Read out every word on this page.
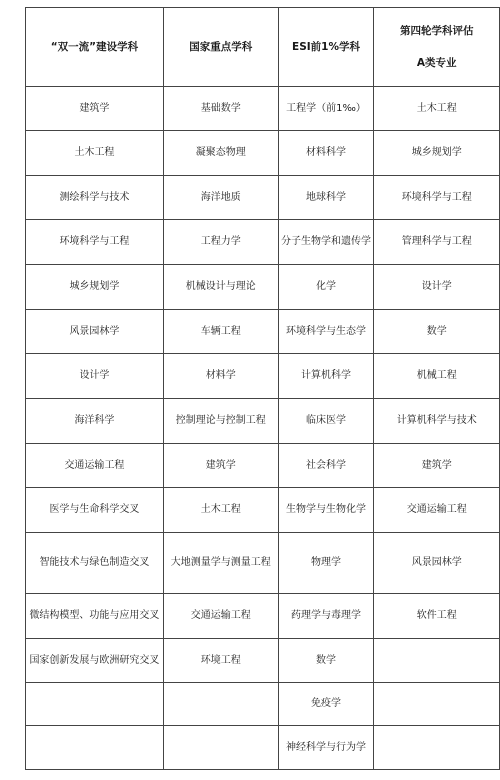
“双一流”建设学科	国家重点学科	ESI前1%学科	第四轮学科评估
A类专业

建筑学	基础数学	工程学（前1‰）	土木工程
土木工程	凝聚态物理	材料科学	城乡规划学
测绘科学与技术	海洋地质	地球科学	环境科学与工程
环境科学与工程	工程力学	分子生物学和遗传学	管理科学与工程
城乡规划学	机械设计与理论	化学	设计学
风景园林学	车辆工程	环境科学与生态学	数学
设计学	材料学	计算机科学	机械工程
海洋科学	控制理论与控制工程	临床医学	计算机科学与技术
交通运输工程	建筑学	社会科学	建筑学
医学与生命科学交叉	土木工程	生物学与生物化学	交通运输工程
智能技术与绿色制造交叉	大地测量学与测量工程	物理学	风景园林学
微结构模型、功能与应用交叉	交通运输工程	药理学与毒理学	软件工程
国家创新发展与欧洲研究交叉	环境工程	数学	
		免疫学	
		神经科学与行为学	
